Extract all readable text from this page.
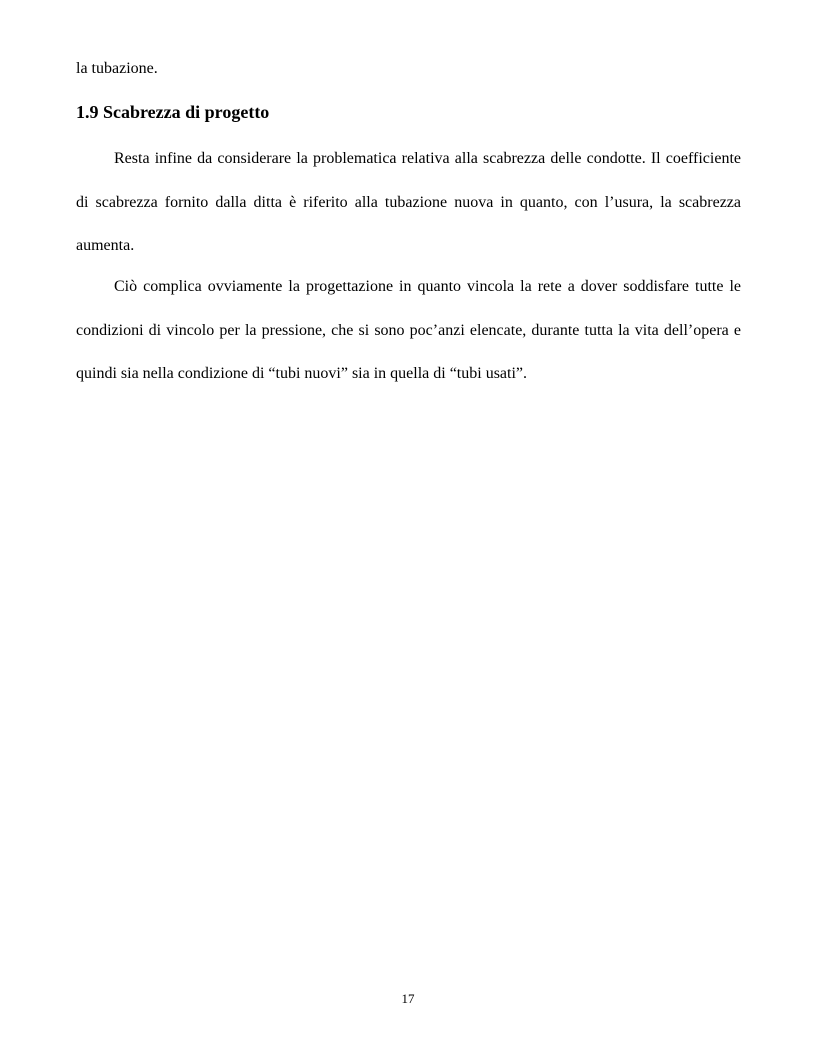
la tubazione.

1.9 Scabrezza di progetto

Resta infine da considerare la problematica relativa alla scabrezza delle condotte. Il coefficiente di scabrezza fornito dalla ditta è riferito alla tubazione nuova in quanto, con l’usura, la scabrezza aumenta.

Ciò complica ovviamente la progettazione in quanto vincola la rete a dover soddisfare tutte le condizioni di vincolo per la pressione, che si sono poc’anzi elencate, durante tutta la vita dell’opera e quindi sia nella condizione di “tubi nuovi” sia in quella di “tubi usati”.

17
